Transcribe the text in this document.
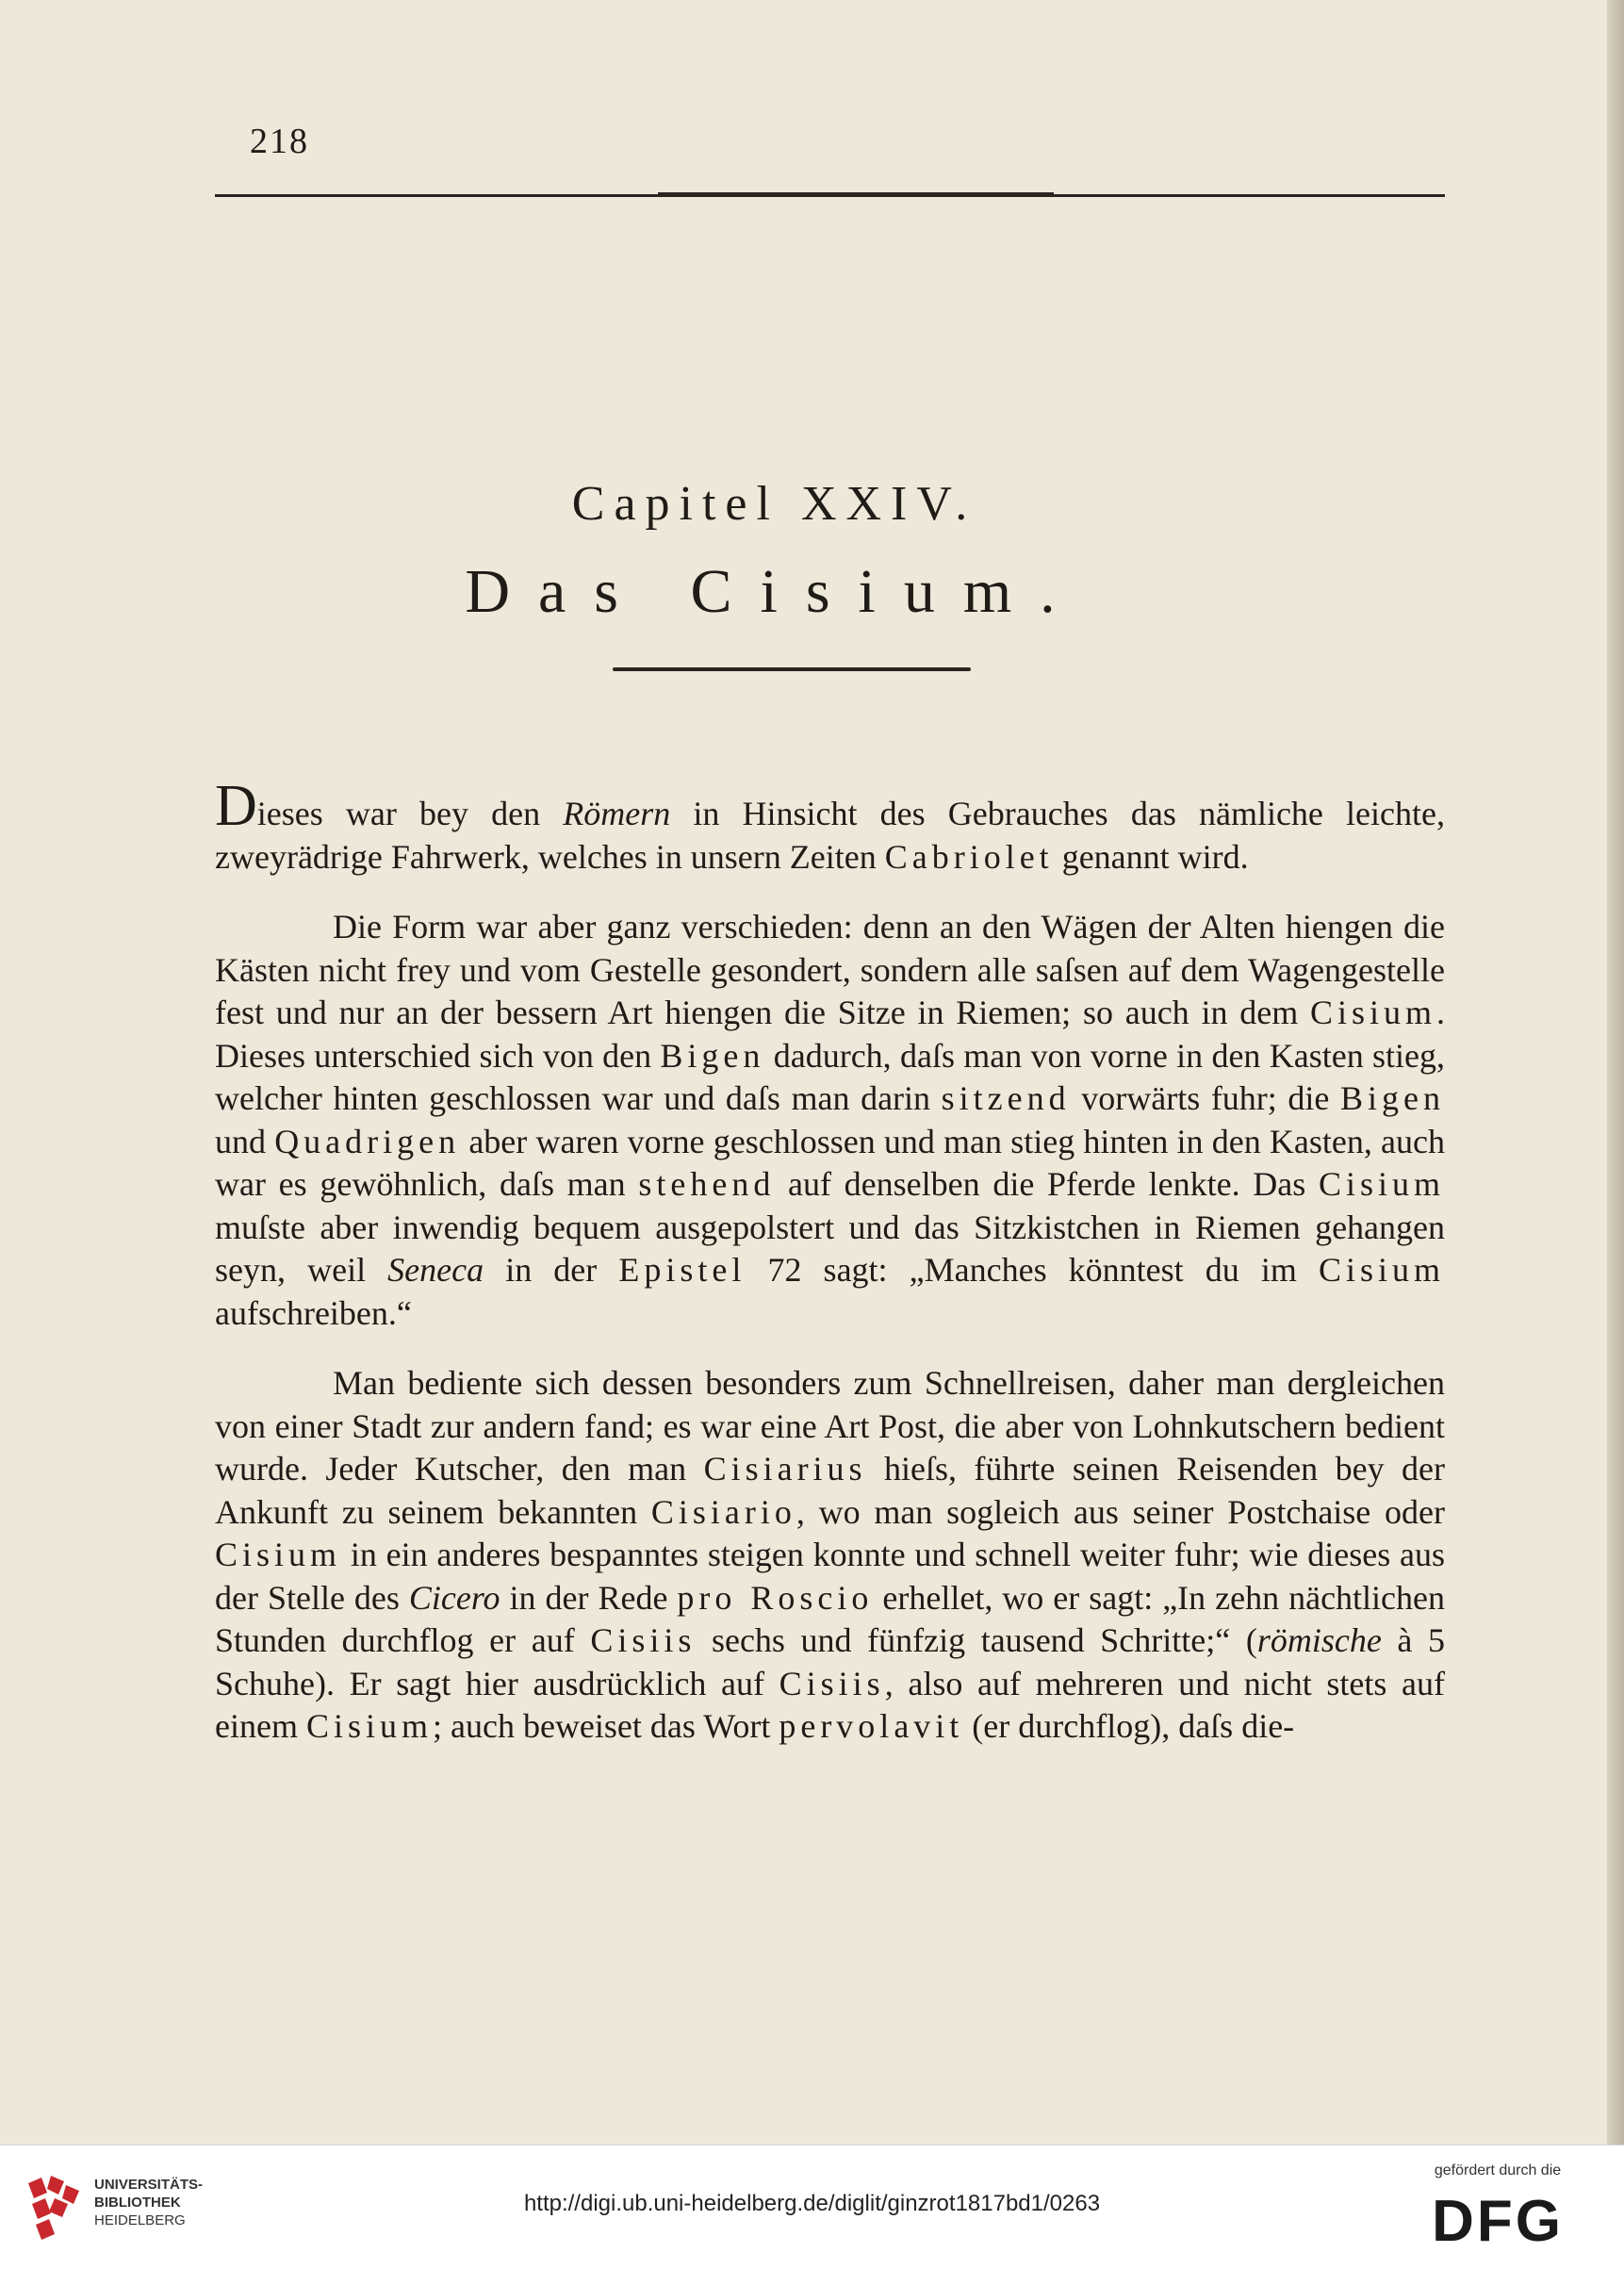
218
Capitel XXIV.
Das Cisium.

Dieses war bey den Römern in Hinsicht des Gebrauches das nämliche leichte, zweyrädrige Fahrwerk, welches in unsern Zeiten Cabriolet genannt wird.

Die Form war aber ganz verschieden: denn an den Wägen der Alten hiengen die Kästen nicht frey und vom Gestelle gesondert, sondern alle saſsen auf dem Wagengestelle fest und nur an der bessern Art hiengen die Sitze in Riemen; so auch in dem Cisium. Dieses unterschied sich von den Bigen dadurch, daſs man von vorne in den Kasten stieg, welcher hinten geschlossen war und daſs man darin sitzend vorwärts fuhr; die Bigen und Quadrigen aber waren vorne geschlossen und man stieg hinten in den Kasten, auch war es gewöhnlich, daſs man stehend auf denselben die Pferde lenkte. Das Cisium muſste aber inwendig bequem ausgepolstert und das Sitzkistchen in Riemen gehangen seyn, weil Seneca in der Epistel 72 sagt: „Manches könntest du im Cisium aufschreiben.“

Man bediente sich dessen besonders zum Schnellreisen, daher man dergleichen von einer Stadt zur andern fand; es war eine Art Post, die aber von Lohnkutschern bedient wurde. Jeder Kutscher, den man Cisiarius hieſs, führte seinen Reisenden bey der Ankunft zu seinem bekannten Cisiario, wo man sogleich aus seiner Postchaise oder Cisium in ein anderes bespanntes steigen konnte und schnell weiter fuhr; wie dieses aus der Stelle des Cicero in der Rede pro Roscio erhellet, wo er sagt: „In zehn nächtlichen Stunden durchflog er auf Cisiis sechs und fünfzig tausend Schritte;“ (römische à 5 Schuhe). Er sagt hier ausdrücklich auf Cisiis, also auf mehreren und nicht stets auf einem Cisium; auch beweiset das Wort pervolavit (er durchflog), daſs die-

UNIVERSITÄTS-
BIBLIOTHEK
HEIDELBERG
http://digi.ub.uni-heidelberg.de/diglit/ginzrot1817bd1/0263
gefördert durch die
DFG
